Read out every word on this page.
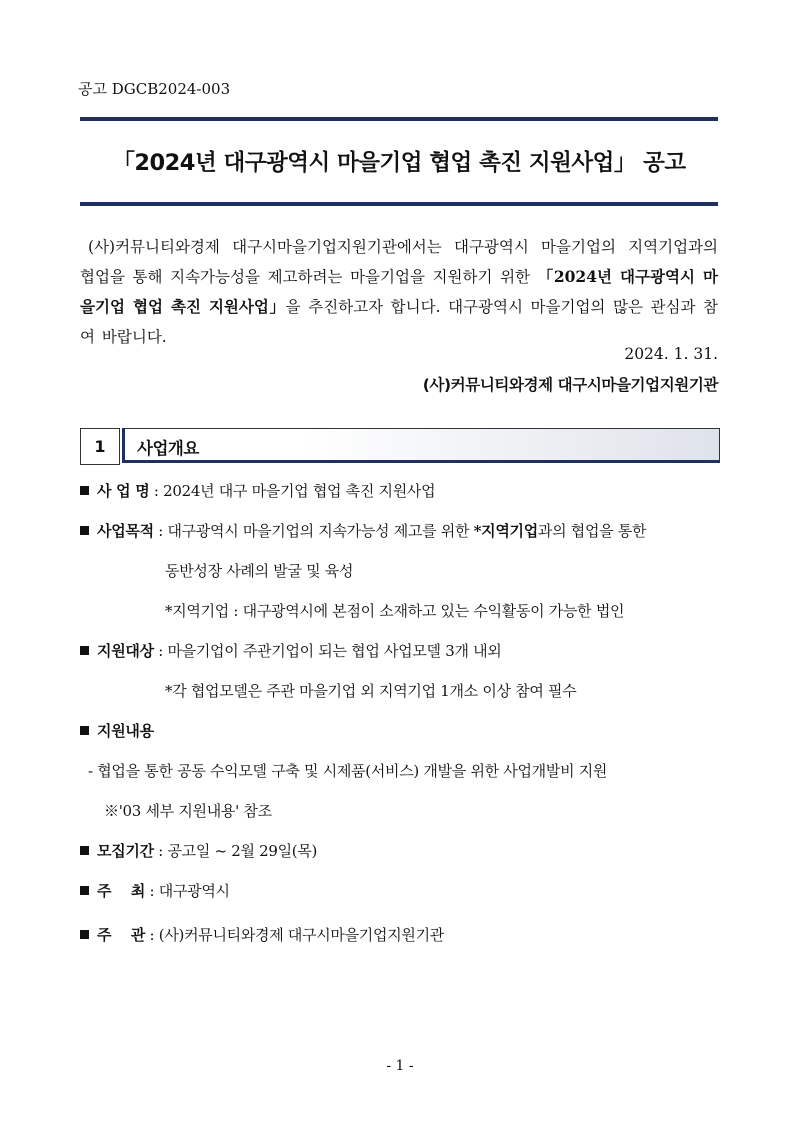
공고 DGCB2024-003
「2024년 대구광역시 마을기업 협업 촉진 지원사업」 공고
(사)커뮤니티와경제 대구시마을기업지원기관에서는 대구광역시 마을기업의 지역기업과의 협업을 통해 지속가능성을 제고하려는 마을기업을 지원하기 위한 「2024년 대구광역시 마을기업 협업 촉진 지원사업」을 추진하고자 합니다. 대구광역시 마을기업의 많은 관심과 참여 바랍니다.
2024. 1. 31.
(사)커뮤니티와경제 대구시마을기업지원기관
1	사업개요
사 업 명 : 2024년 대구 마을기업 협업 촉진 지원사업
사업목적 : 대구광역시 마을기업의 지속가능성 제고를 위한 *지역기업과의 협업을 통한
동반성장 사례의 발굴 및 육성
*지역기업 : 대구광역시에 본점이 소재하고 있는 수익활동이 가능한 법인
지원대상 : 마을기업이 주관기업이 되는 협업 사업모델 3개 내외
*각 협업모델은 주관 마을기업 외 지역기업 1개소 이상 참여 필수
지원내용
- 협업을 통한 공동 수익모델 구축 및 시제품(서비스) 개발을 위한 사업개발비 지원
※'03 세부 지원내용' 참조
모집기간 : 공고일 ~ 2월 29일(목)
주    최 : 대구광역시
주    관 : (사)커뮤니티와경제 대구시마을기업지원기관
- 1 -
